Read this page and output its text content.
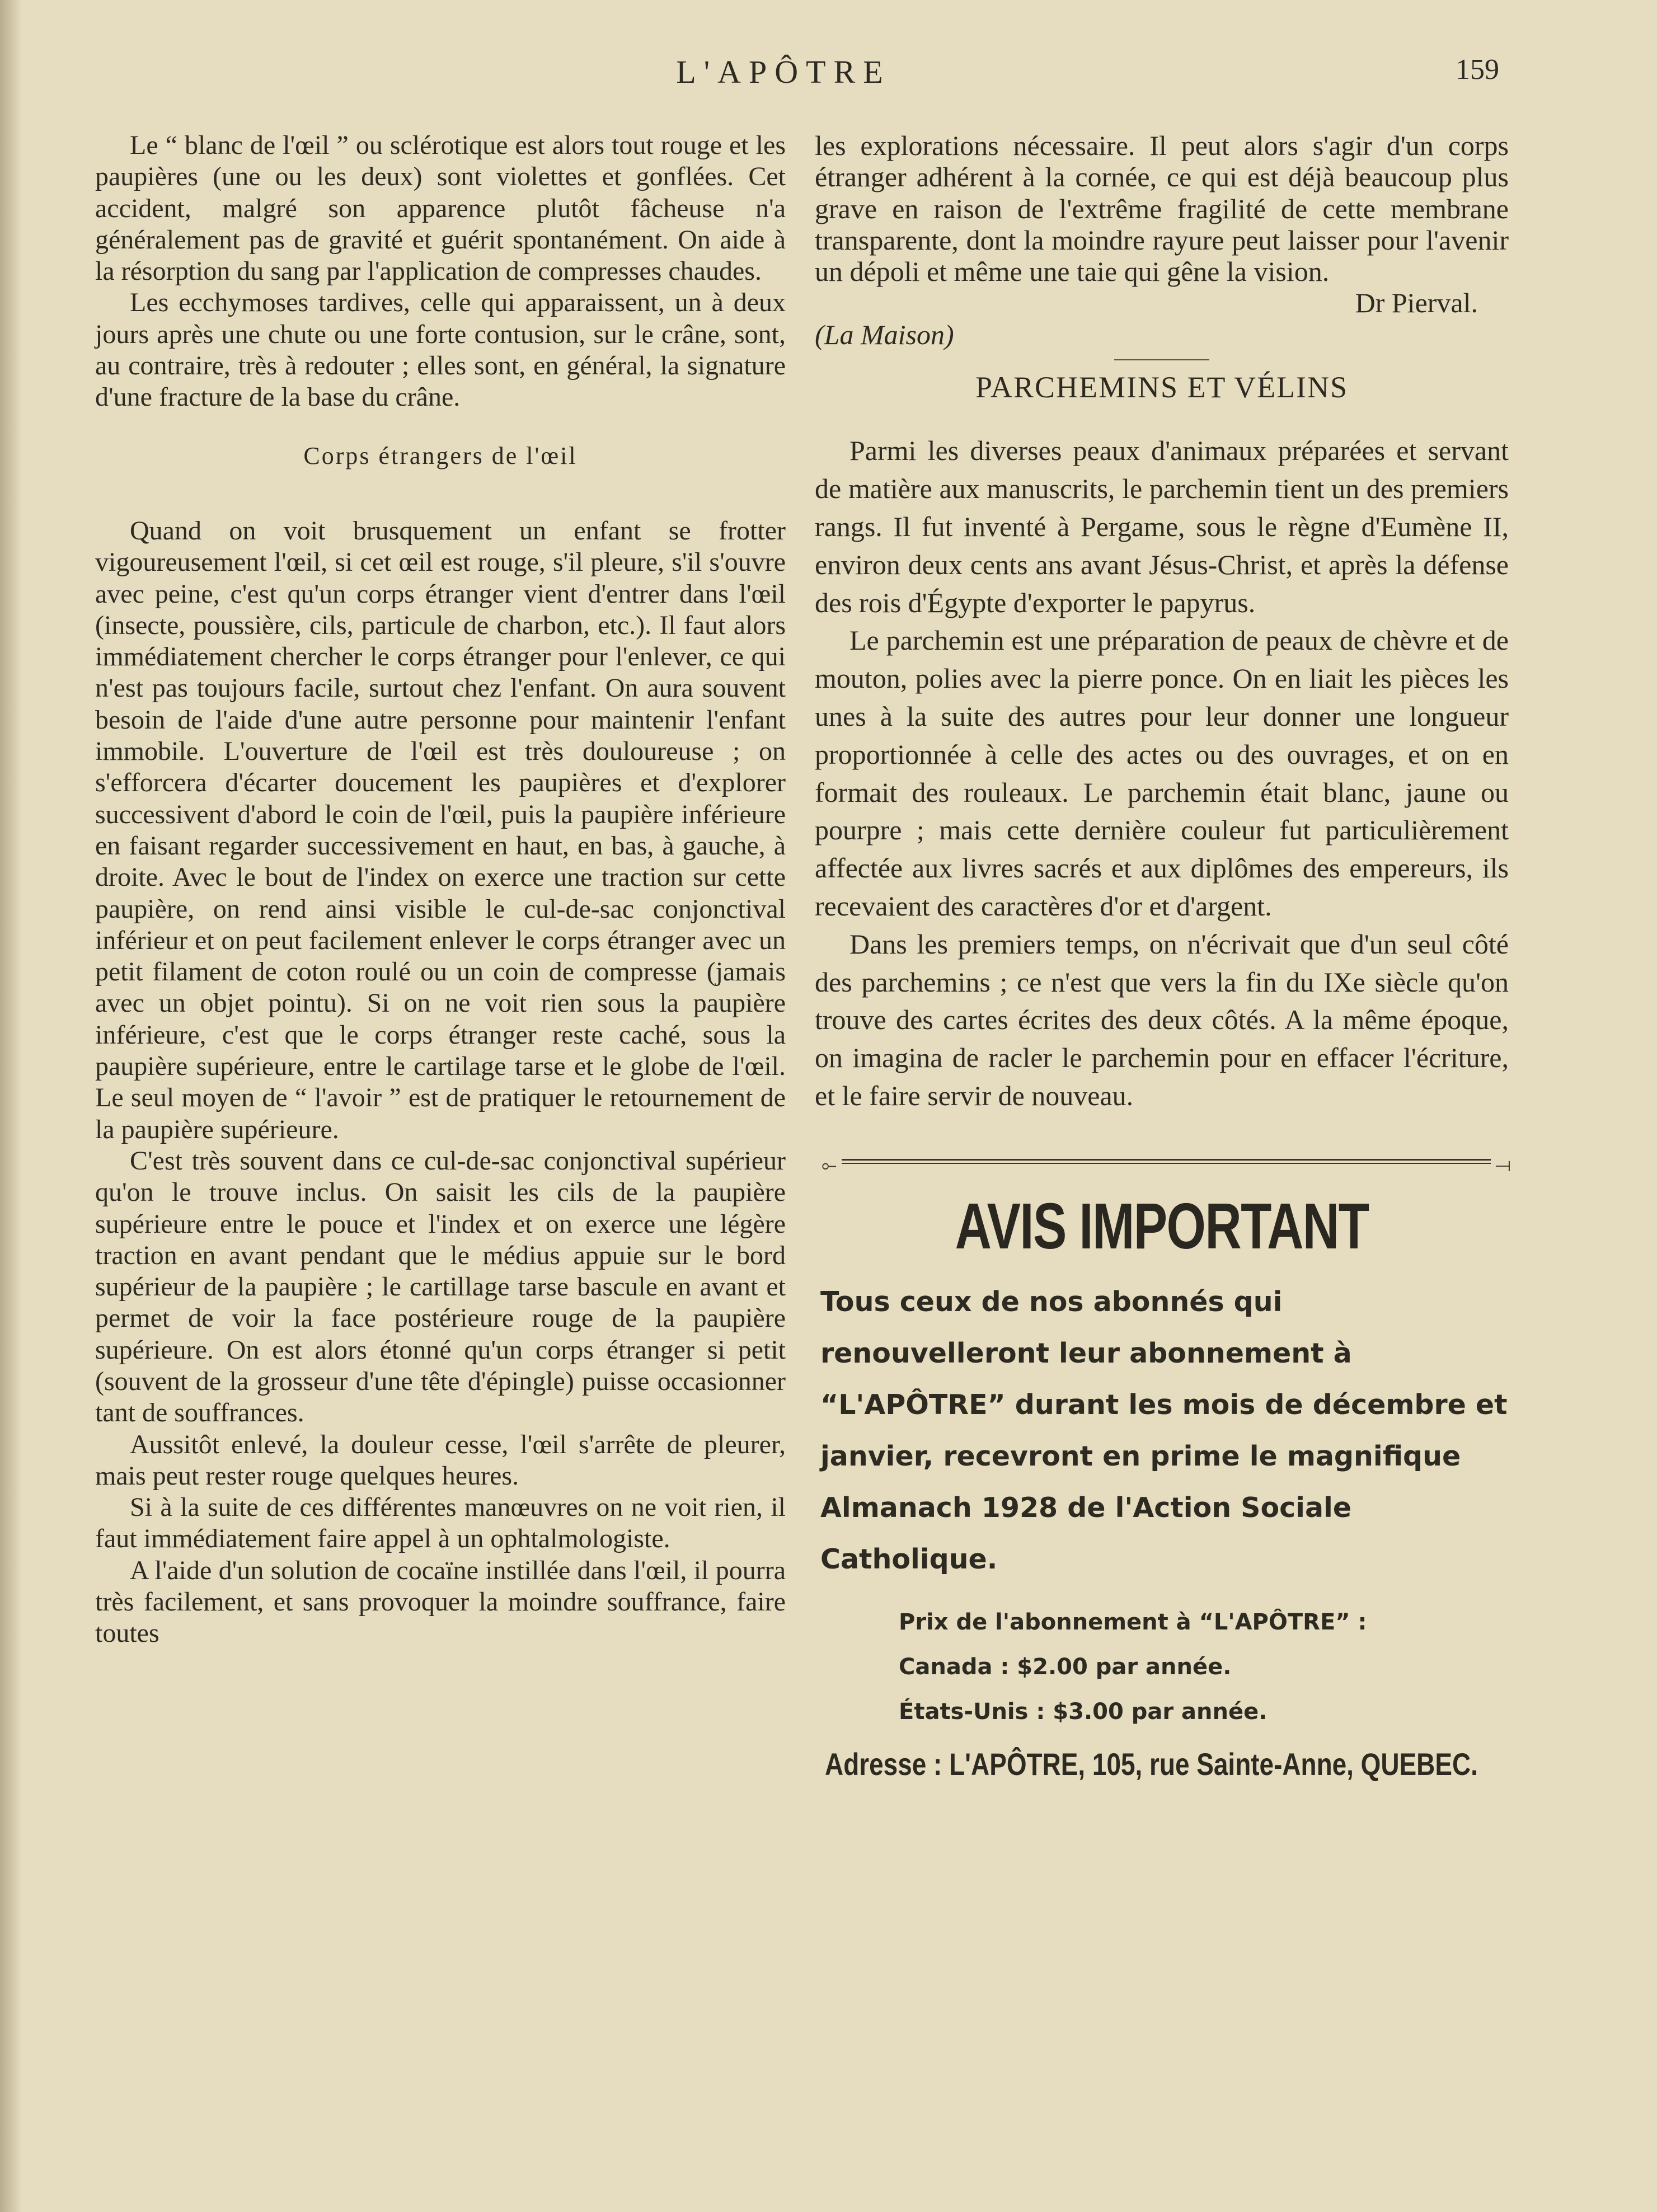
L'APÔTRE	159

Le “ blanc de l'œil ” ou sclérotique est alors tout rouge et les paupières (une ou les deux) sont violettes et gonflées. Cet accident, malgré son apparence plutôt fâcheuse n'a généralement pas de gravité et guérit spontanément. On aide à la résorption du sang par l'application de compresses chaudes.

Les ecchymoses tardives, celle qui apparaissent, un à deux jours après une chute ou une forte contusion, sur le crâne, sont, au contraire, très à redouter ; elles sont, en général, la signature d'une fracture de la base du crâne.

Corps étrangers de l'œil

Quand on voit brusquement un enfant se frotter vigoureusement l'œil, si cet œil est rouge, s'il pleure, s'il s'ouvre avec peine, c'est qu'un corps étranger vient d'entrer dans l'œil (insecte, poussière, cils, particule de charbon, etc.). Il faut alors immédiatement chercher le corps étranger pour l'enlever, ce qui n'est pas toujours facile, surtout chez l'enfant. On aura souvent besoin de l'aide d'une autre personne pour maintenir l'enfant immobile. L'ouverture de l'œil est très douloureuse ; on s'efforcera d'écarter doucement les paupières et d'explorer successivent d'abord le coin de l'œil, puis la paupière inférieure en faisant regarder successivement en haut, en bas, à gauche, à droite. Avec le bout de l'index on exerce une traction sur cette paupière, on rend ainsi visible le cul-de-sac conjonctival inférieur et on peut facilement enlever le corps étranger avec un petit filament de coton roulé ou un coin de compresse (jamais avec un objet pointu). Si on ne voit rien sous la paupière inférieure, c'est que le corps étranger reste caché, sous la paupière supérieure, entre le cartilage tarse et le globe de l'œil. Le seul moyen de “ l'avoir ” est de pratiquer le retournement de la paupière supérieure.

C'est très souvent dans ce cul-de-sac conjonctival supérieur qu'on le trouve inclus. On saisit les cils de la paupière supérieure entre le pouce et l'index et on exerce une légère traction en avant pendant que le médius appuie sur le bord supérieur de la paupière ; le cartillage tarse bascule en avant et permet de voir la face postérieure rouge de la paupière supérieure. On est alors étonné qu'un corps étranger si petit (souvent de la grosseur d'une tête d'épingle) puisse occasionner tant de souffrances.

Aussitôt enlevé, la douleur cesse, l'œil s'arrête de pleurer, mais peut rester rouge quelques heures.

Si à la suite de ces différentes manœuvres on ne voit rien, il faut immédiatement faire appel à un ophtalmologiste.

A l'aide d'un solution de cocaïne instillée dans l'œil, il pourra très facilement, et sans provoquer la moindre souffrance, faire toutes

les explorations nécessaire. Il peut alors s'agir d'un corps étranger adhérent à la cornée, ce qui est déjà beaucoup plus grave en raison de l'extrême fragilité de cette membrane transparente, dont la moindre rayure peut laisser pour l'avenir un dépoli et même une taie qui gêne la vision.

Dr Pierval.

(La Maison)

PARCHEMINS ET VÉLINS

Parmi les diverses peaux d'animaux préparées et servant de matière aux manuscrits, le parchemin tient un des premiers rangs. Il fut inventé à Pergame, sous le règne d'Eumène II, environ deux cents ans avant Jésus-Christ, et après la défense des rois d'Égypte d'exporter le papyrus.

Le parchemin est une préparation de peaux de chèvre et de mouton, polies avec la pierre ponce. On en liait les pièces les unes à la suite des autres pour leur donner une longueur proportionnée à celle des actes ou des ouvrages, et on en formait des rouleaux. Le parchemin était blanc, jaune ou pourpre ; mais cette dernière couleur fut particulièrement affectée aux livres sacrés et aux diplômes des empereurs, ils recevaient des caractères d'or et d'argent.

Dans les premiers temps, on n'écrivait que d'un seul côté des parchemins ; ce n'est que vers la fin du IXe siècle qu'on trouve des cartes écrites des deux côtés. A la même époque, on imagina de racler le parchemin pour en effacer l'écriture, et le faire servir de nouveau.

⟜	⟞
AVIS IMPORTANT
Tous ceux de nos abonnés qui renouvelleront leur abonnement à “L'APÔTRE” durant les mois de décembre et janvier, recevront en prime le magnifique Almanach 1928 de l'Action Sociale Catholique.
Prix de l'abonnement à “L'APÔTRE” :
Canada : $2.00 par année.
États-Unis : $3.00 par année.
Adresse : L'APÔTRE, 105, rue Sainte-Anne, QUEBEC.
